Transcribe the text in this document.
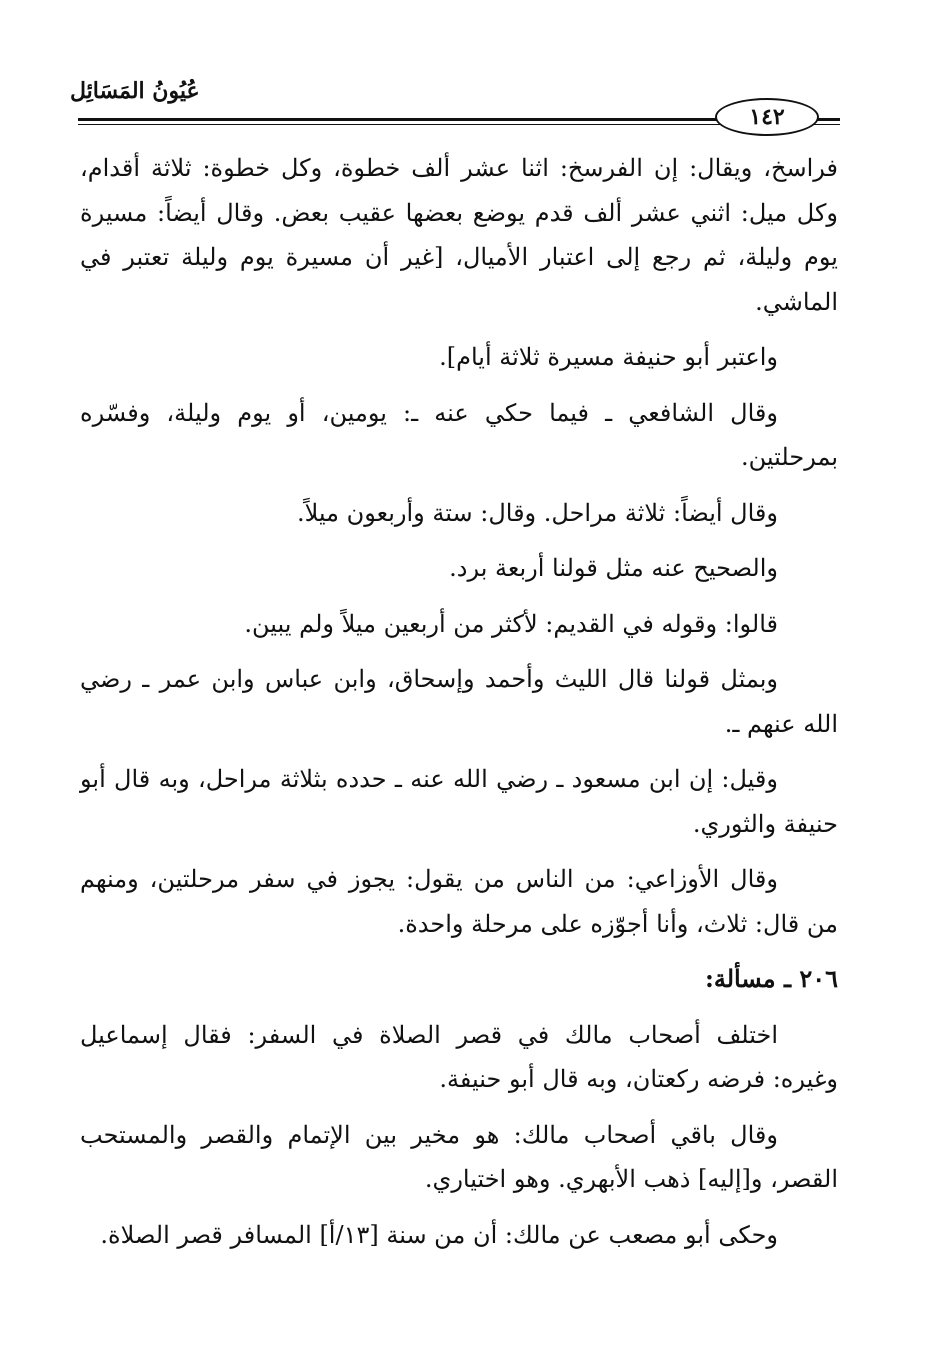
عُيُونُ المَسَائِل
١٤٢

فراسخ، ويقال: إن الفرسخ: اثنا عشر ألف خطوة، وكل خطوة: ثلاثة أقدام، وكل ميل: اثني عشر ألف قدم يوضع بعضها عقيب بعض. وقال أيضاً: مسيرة يوم وليلة، ثم رجع إلى اعتبار الأميال، [غير أن مسيرة يوم وليلة تعتبر في الماشي.

واعتبر أبو حنيفة مسيرة ثلاثة أيام].

وقال الشافعي ـ فيما حكي عنه ـ: يومين، أو يوم وليلة، وفسّره بمرحلتين.

وقال أيضاً: ثلاثة مراحل. وقال: ستة وأربعون ميلاً.

والصحيح عنه مثل قولنا أربعة برد.

قالوا: وقوله في القديم: لأكثر من أربعين ميلاً ولم يبين.

وبمثل قولنا قال الليث وأحمد وإسحاق، وابن عباس وابن عمر ـ رضي الله عنهم ـ.

وقيل: إن ابن مسعود ـ رضي الله عنه ـ حدده بثلاثة مراحل، وبه قال أبو حنيفة والثوري.

وقال الأوزاعي: من الناس من يقول: يجوز في سفر مرحلتين، ومنهم من قال: ثلاث، وأنا أجوّزه على مرحلة واحدة.

٢٠٦ ـ مسألة:

اختلف أصحاب مالك في قصر الصلاة في السفر: فقال إسماعيل وغيره: فرضه ركعتان، وبه قال أبو حنيفة.

وقال باقي أصحاب مالك: هو مخير بين الإتمام والقصر والمستحب القصر، و[إليه] ذهب الأبهري. وهو اختياري.

وحكى أبو مصعب عن مالك: أن من سنة [١٣/أ] المسافر قصر الصلاة.
